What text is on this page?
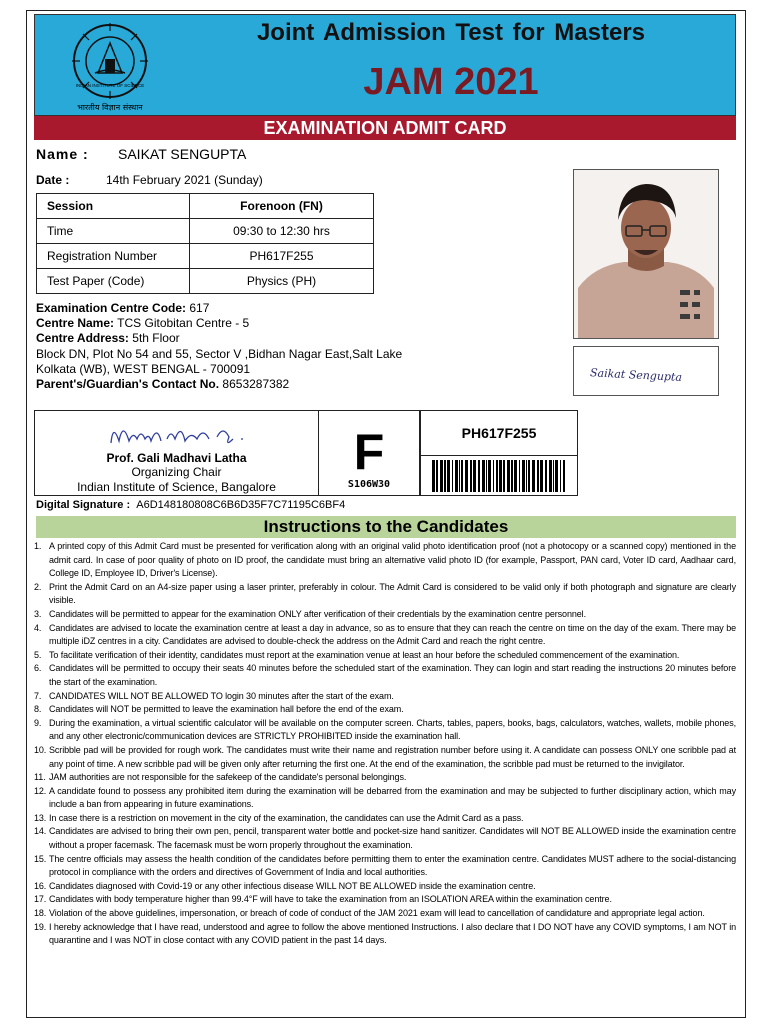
INDIAN INSTITUTE OF SCIENCE
भारतीय विज्ञान संस्थान
Joint Admission Test for Masters
JAM 2021
EXAMINATION ADMIT CARD
Name : SAIKAT SENGUPTA
Date :	14th February 2021 (Sunday)
Session	Forenoon (FN)
Time	09:30 to 12:30 hrs
Registration Number	PH617F255
Test Paper (Code)	Physics (PH)
Examination Centre Code: 617
Centre Name: TCS Gitobitan Centre - 5
Centre Address: 5th Floor
Block DN, Plot No 54 and 55, Sector V ,Bidhan Nagar East,Salt Lake
Kolkata (WB), WEST BENGAL - 700091
Parent's/Guardian's Contact No. 8653287382
Saikat Sengupta
Prof. Gali Madhavi Latha
Organizing Chair
Indian Institute of Science, Bangalore
F
S106W30
PH617F255
Digital Signature : A6D148180808C6B6D35F7C71195C6BF4
Instructions to the Candidates
1. A printed copy of this Admit Card must be presented for verification along with an original valid photo identification proof (not a photocopy or a scanned copy) mentioned in the admit card. In case of poor quality of photo on ID proof, the candidate must bring an alternative valid photo ID (for example, Passport, PAN card, Voter ID card, Aadhaar card, College ID, Employee ID, Driver's License).
2. Print the Admit Card on an A4-size paper using a laser printer, preferably in colour. The Admit Card is considered to be valid only if both photograph and signature are clearly visible.
3. Candidates will be permitted to appear for the examination ONLY after verification of their credentials by the examination centre personnel.
4. Candidates are advised to locate the examination centre at least a day in advance, so as to ensure that they can reach the centre on time on the day of the exam. There may be multiple iDZ centres in a city. Candidates are advised to double-check the address on the Admit Card and reach the right centre.
5. To facilitate verification of their identity, candidates must report at the examination venue at least an hour before the scheduled commencement of the examination.
6. Candidates will be permitted to occupy their seats 40 minutes before the scheduled start of the examination. They can login and start reading the instructions 20 minutes before the start of the examination.
7. CANDIDATES WILL NOT BE ALLOWED TO login 30 minutes after the start of the exam.
8. Candidates will NOT be permitted to leave the examination hall before the end of the exam.
9. During the examination, a virtual scientific calculator will be available on the computer screen. Charts, tables, papers, books, bags, calculators, watches, wallets, mobile phones, and any other electronic/communication devices are STRICTLY PROHIBITED inside the examination hall.
10. Scribble pad will be provided for rough work. The candidates must write their name and registration number before using it. A candidate can possess ONLY one scribble pad at any point of time. A new scribble pad will be given only after returning the first one. At the end of the examination, the scribble pad must be returned to the invigilator.
11. JAM authorities are not responsible for the safekeep of the candidate's personal belongings.
12. A candidate found to possess any prohibited item during the examination will be debarred from the examination and may be subjected to further disciplinary action, which may include a ban from appearing in future examinations.
13. In case there is a restriction on movement in the city of the examination, the candidates can use the Admit Card as a pass.
14. Candidates are advised to bring their own pen, pencil, transparent water bottle and pocket-size hand sanitizer. Candidates will NOT BE ALLOWED inside the examination centre without a proper facemask. The facemask must be worn properly throughout the examination.
15. The centre officials may assess the health condition of the candidates before permitting them to enter the examination centre. Candidates MUST adhere to the social-distancing protocol in compliance with the orders and directives of Government of India and local authorities.
16. Candidates diagnosed with Covid-19 or any other infectious disease WILL NOT BE ALLOWED inside the examination centre.
17. Candidates with body temperature higher than 99.4°F will have to take the examination from an ISOLATION AREA within the examination centre.
18. Violation of the above guidelines, impersonation, or breach of code of conduct of the JAM 2021 exam will lead to cancellation of candidature and appropriate legal action.
19. I hereby acknowledge that I have read, understood and agree to follow the above mentioned Instructions. I also declare that I DO NOT have any COVID symptoms, I am NOT in quarantine and I was NOT in close contact with any COVID patient in the past 14 days.
